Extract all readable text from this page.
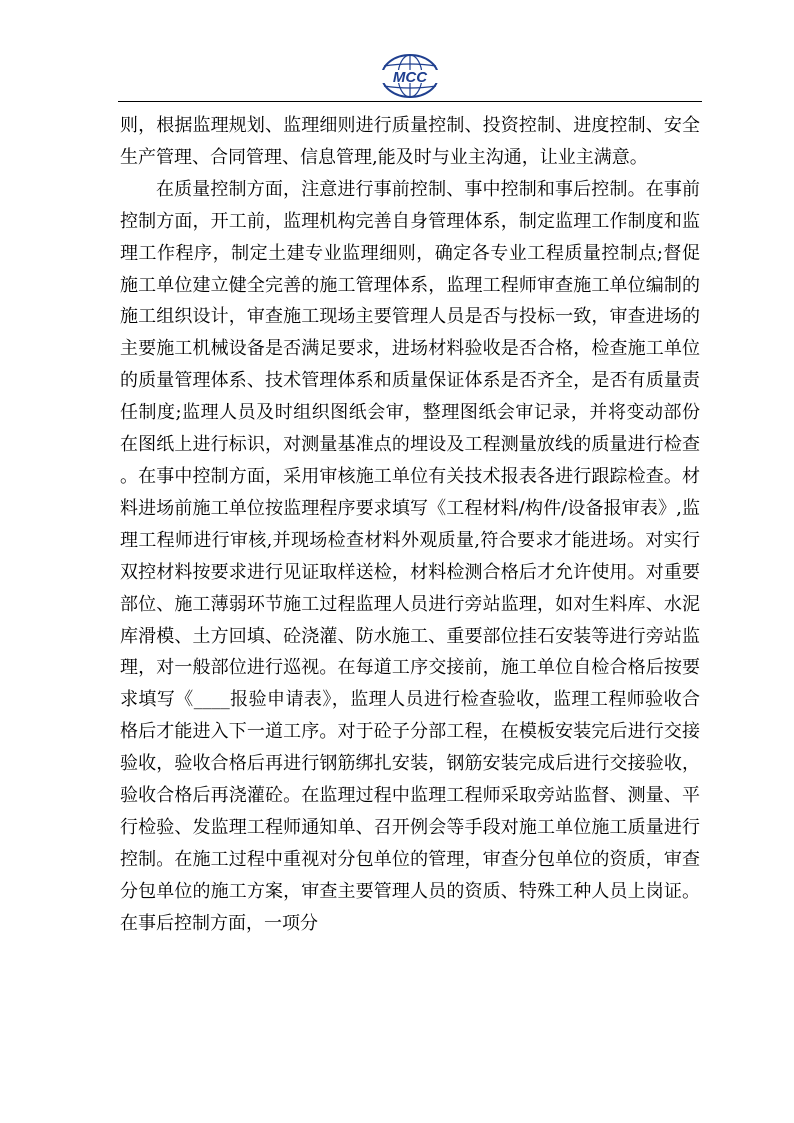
MCC

则，根据监理规划、监理细则进行质量控制、投资控制、进度控制、安全生产管理、合同管理、信息管理,能及时与业主沟通，让业主满意。

在质量控制方面，注意进行事前控制、事中控制和事后控制。在事前控制方面，开工前，监理机构完善自身管理体系，制定监理工作制度和监理工作程序，制定土建专业监理细则，确定各专业工程质量控制点;督促施工单位建立健全完善的施工管理体系，监理工程师审查施工单位编制的施工组织设计，审查施工现场主要管理人员是否与投标一致，审查进场的主要施工机械设备是否满足要求，进场材料验收是否合格，检查施工单位的质量管理体系、技术管理体系和质量保证体系是否齐全，是否有质量责任制度;监理人员及时组织图纸会审，整理图纸会审记录，并将变动部份在图纸上进行标识，对测量基准点的埋设及工程测量放线的质量进行检查。在事中控制方面，采用审核施工单位有关技术报表各进行跟踪检查。材料进场前施工单位按监理程序要求填写《工程材料/构件/设备报审表》,监理工程师进行审核,并现场检查材料外观质量,符合要求才能进场。对实行双控材料按要求进行见证取样送检，材料检测合格后才允许使用。对重要部位、施工薄弱环节施工过程监理人员进行旁站监理，如对生料库、水泥库滑模、土方回填、砼浇灌、防水施工、重要部位挂石安装等进行旁站监理，对一般部位进行巡视。在每道工序交接前，施工单位自检合格后按要求填写《____报验申请表》，监理人员进行检查验收，监理工程师验收合格后才能进入下一道工序。对于砼子分部工程，在模板安装完后进行交接验收，验收合格后再进行钢筋绑扎安装，钢筋安装完成后进行交接验收，验收合格后再浇灌砼。在监理过程中监理工程师采取旁站监督、测量、平行检验、发监理工程师通知单、召开例会等手段对施工单位施工质量进行控制。在施工过程中重视对分包单位的管理，审查分包单位的资质，审查分包单位的施工方案，审查主要管理人员的资质、特殊工种人员上岗证。在事后控制方面，一项分
